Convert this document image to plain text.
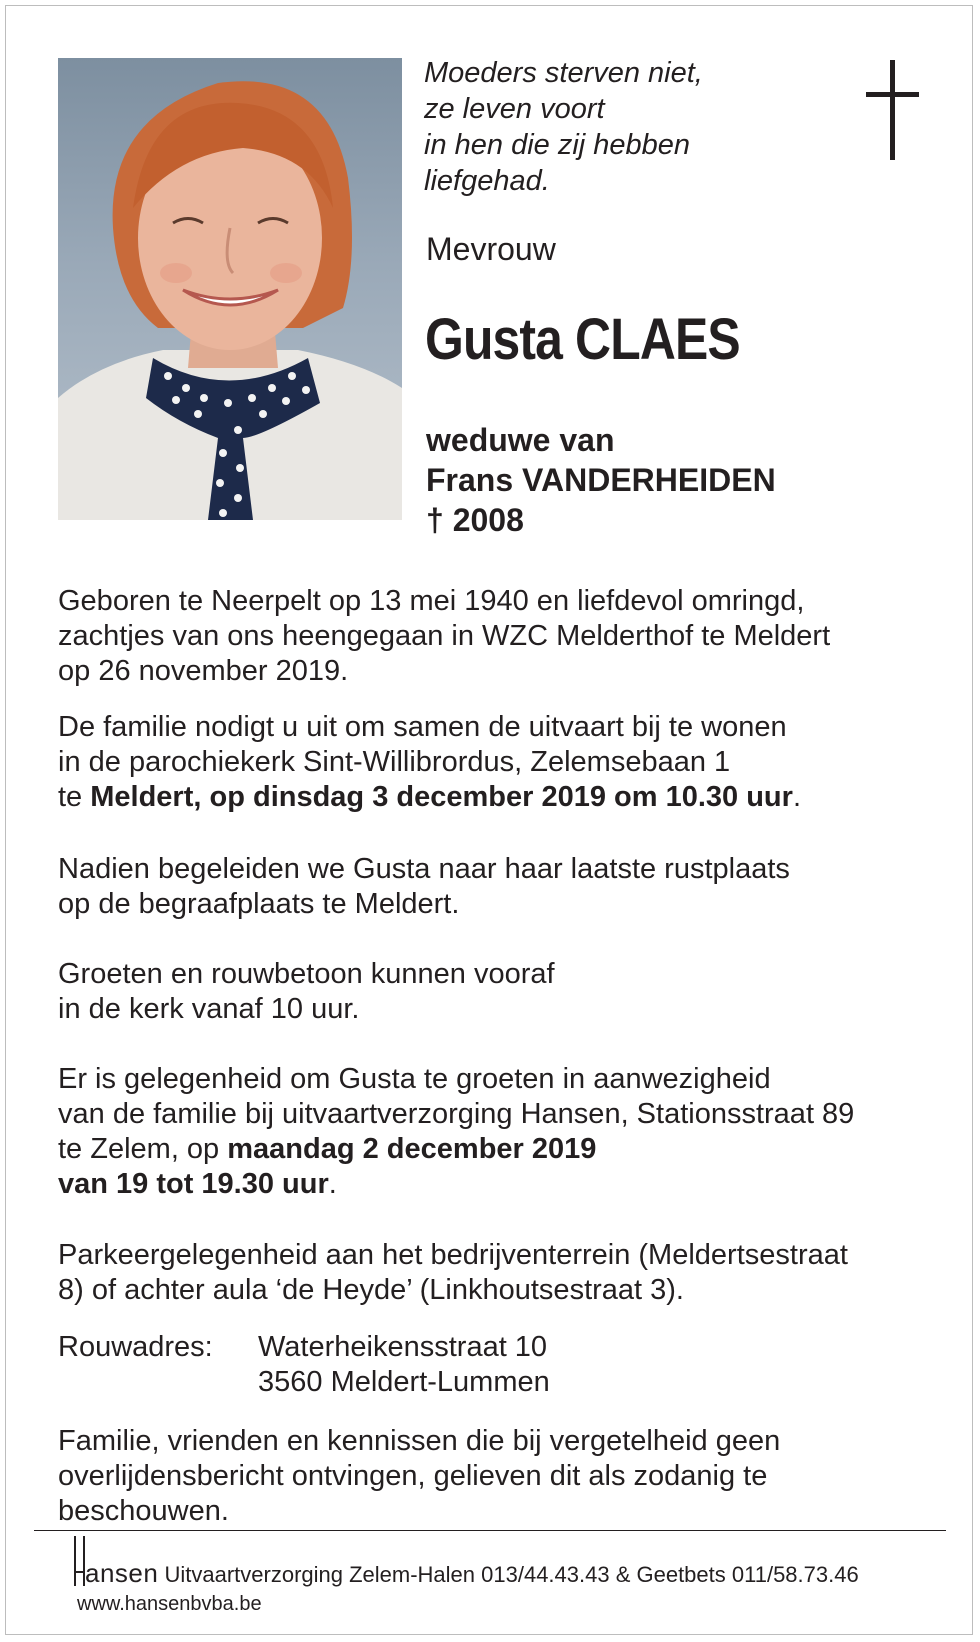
Moeders sterven niet,
ze leven voort
in hen die zij hebben
liefgehad.
Mevrouw
Gusta CLAES
weduwe van
Frans VANDERHEIDEN
† 2008
Geboren te Neerpelt op 13 mei 1940 en liefdevol omringd,
zachtjes van ons heengegaan in WZC Melderthof te Meldert
op 26 november 2019.
De familie nodigt u uit om samen de uitvaart bij te wonen
in de parochiekerk Sint-Willibrordus, Zelemsebaan 1
te Meldert, op dinsdag 3 december 2019 om 10.30 uur.
Nadien begeleiden we Gusta naar haar laatste rustplaats
op de begraafplaats te Meldert.
Groeten en rouwbetoon kunnen vooraf
in de kerk vanaf 10 uur.
Er is gelegenheid om Gusta te groeten in aanwezigheid
van de familie bij uitvaartverzorging Hansen, Stationsstraat 89
te Zelem, op maandag 2 december 2019
van 19 tot 19.30 uur.
Parkeergelegenheid aan het bedrijventerrein (Meldertsestraat
8) of achter aula ‘de Heyde’ (Linkhoutsestraat 3).
Rouwadres: Waterheikensstraat 10
3560 Meldert-Lummen
Familie, vrienden en kennissen die bij vergetelheid geen
overlijdensbericht ontvingen, gelieven dit als zodanig te
beschouwen.
ansen Uitvaartverzorging Zelem-Halen 013/44.43.43 & Geetbets 011/58.73.46
www.hansenbvba.be
